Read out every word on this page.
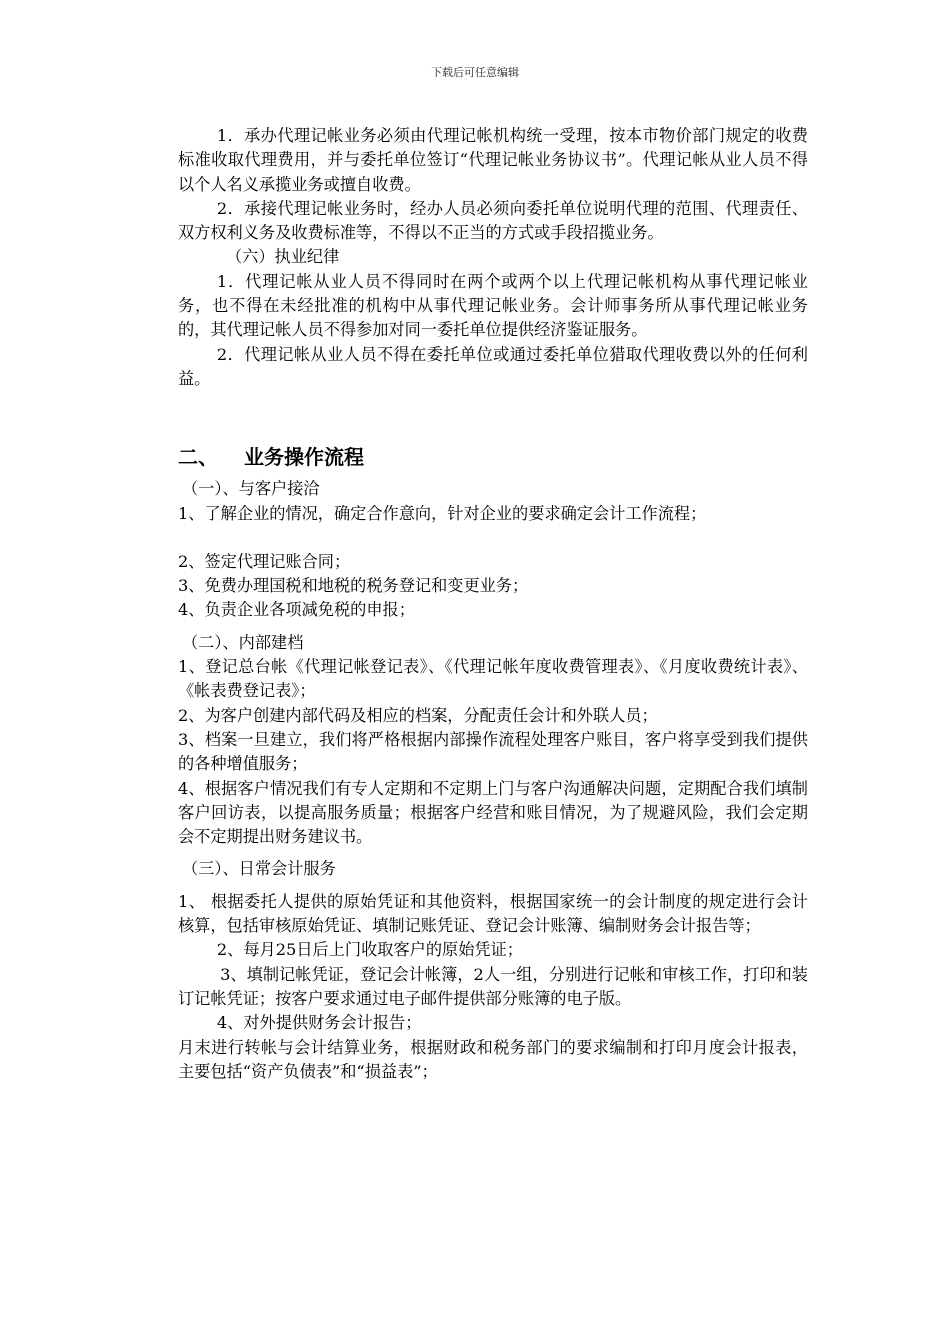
下载后可任意编辑

1．承办代理记帐业务必须由代理记帐机构统一受理，按本市物价部门规定的收费标准收取代理费用，并与委托单位签订“代理记帐业务协议书”。代理记帐从业人员不得以个人名义承揽业务或擅自收费。

2．承接代理记帐业务时，经办人员必须向委托单位说明代理的范围、代理责任、双方权利义务及收费标准等，不得以不正当的方式或手段招揽业务。

（六）执业纪律

1．代理记帐从业人员不得同时在两个或两个以上代理记帐机构从事代理记帐业务，也不得在未经批准的机构中从事代理记帐业务。会计师事务所从事代理记帐业务的，其代理记帐人员不得参加对同一委托单位提供经济鉴证服务。

2．代理记帐从业人员不得在委托单位或通过委托单位猎取代理收费以外的任何利益。

二、 业务操作流程

（一）、与客户接洽

1、了解企业的情况，确定合作意向，针对企业的要求确定会计工作流程；

2、签定代理记账合同；

3、免费办理国税和地税的税务登记和变更业务；

4、负责企业各项减免税的申报；

（二）、内部建档

1、登记总台帐《代理记帐登记表》、《代理记帐年度收费管理表》、《月度收费统计表》、《帐表费登记表》；

2、为客户创建内部代码及相应的档案，分配责任会计和外联人员；

3、档案一旦建立，我们将严格根据内部操作流程处理客户账目，客户将享受到我们提供的各种增值服务；

4、根据客户情况我们有专人定期和不定期上门与客户沟通解决问题，定期配合我们填制客户回访表，以提高服务质量；根据客户经营和账目情况，为了规避风险，我们会定期会不定期提出财务建议书。

（三）、日常会计服务

1、 根据委托人提供的原始凭证和其他资料，根据国家统一的会计制度的规定进行会计核算，包括审核原始凭证、填制记账凭证、登记会计账簿、编制财务会计报告等；

2、每月25日后上门收取客户的原始凭证；

3、填制记帐凭证，登记会计帐簿，2人一组，分别进行记帐和审核工作，打印和装订记帐凭证；按客户要求通过电子邮件提供部分账簿的电子版。

4、对外提供财务会计报告；

月末进行转帐与会计结算业务，根据财政和税务部门的要求编制和打印月度会计报表，主要包括“资产负债表”和“损益表”；
